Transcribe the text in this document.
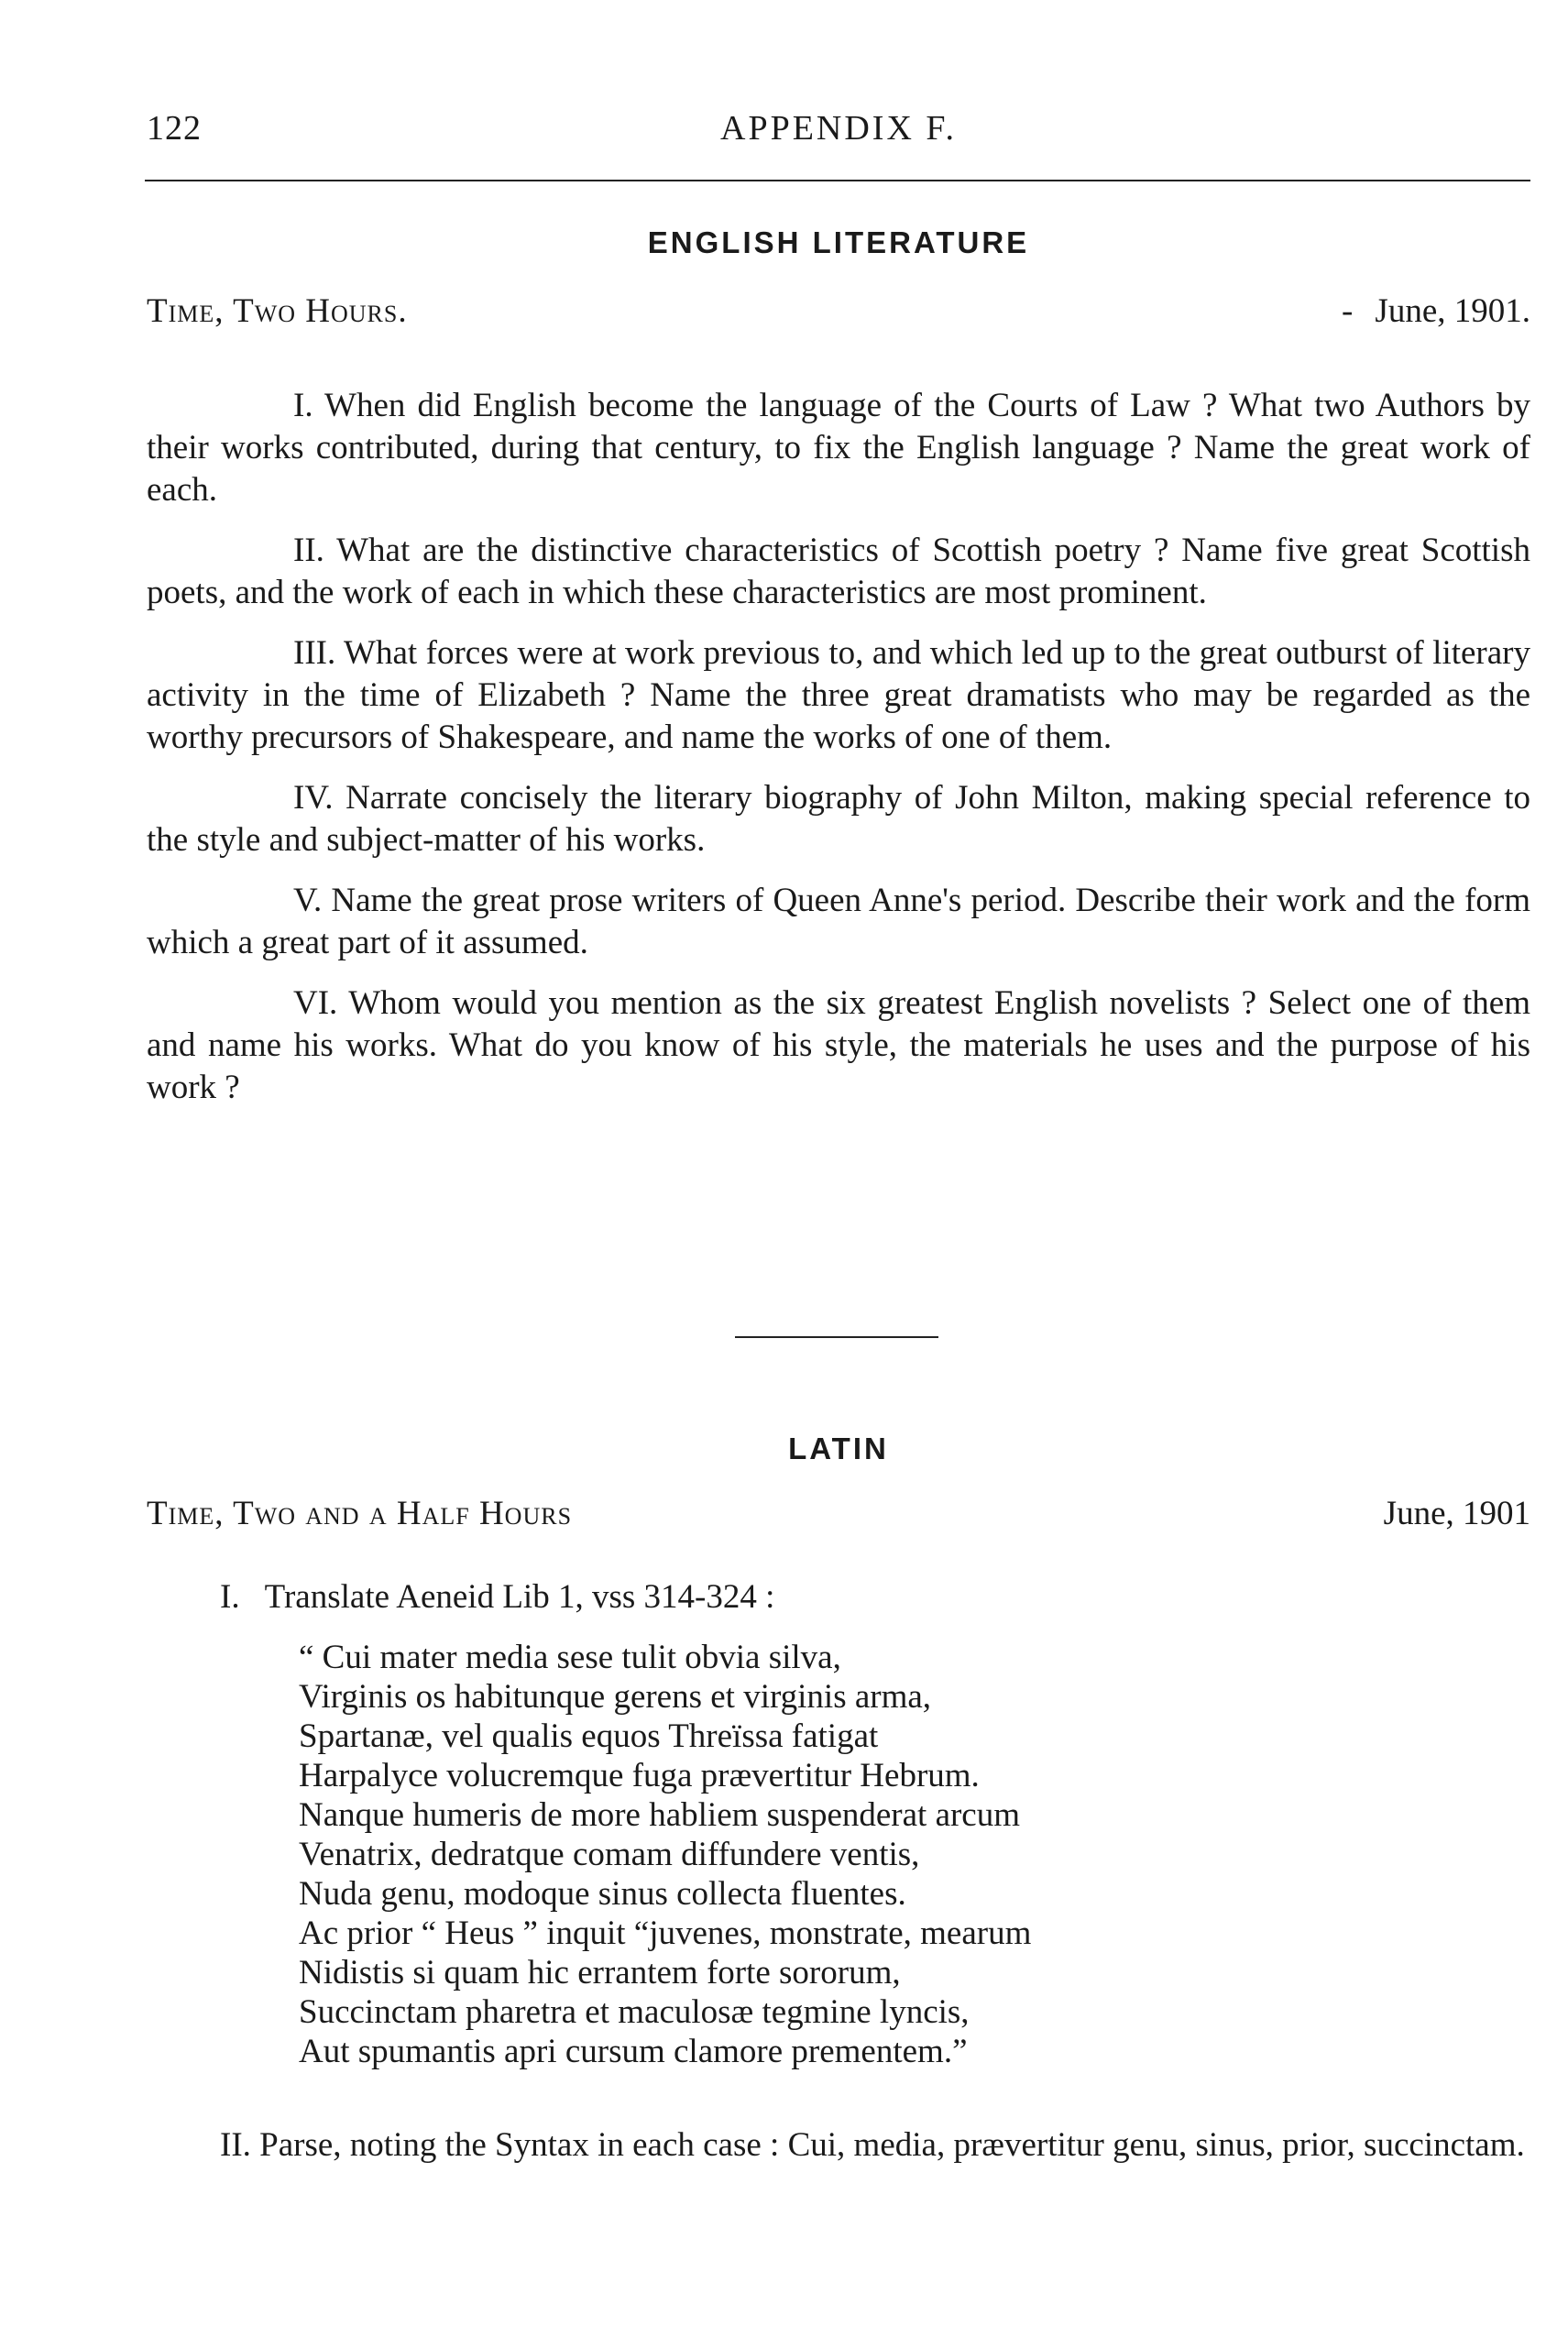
122	APPENDIX F.
ENGLISH LITERATURE
Time, Two Hours.	- June, 1901.

I. When did English become the language of the Courts of Law ? What two Authors by their works contributed, during that century, to fix the English language ? Name the great work of each.

II. What are the distinctive characteristics of Scottish poetry ? Name five great Scottish poets, and the work of each in which these characteristics are most prominent.

III. What forces were at work previous to, and which led up to the great outburst of literary activity in the time of Elizabeth ? Name the three great dramatists who may be regarded as the worthy precursors of Shakespeare, and name the works of one of them.

IV. Narrate concisely the literary biography of John Milton, making special reference to the style and subject-matter of his works.

V. Name the great prose writers of Queen Anne's period. Describe their work and the form which a great part of it assumed.

VI. Whom would you mention as the six greatest English novelists ? Select one of them and name his works. What do you know of his style, the materials he uses and the purpose of his work ?

LATIN
Time, Two and a Half Hours	June, 1901
I. Translate Aeneid Lib 1, vss 314-324 :
“ Cui mater media sese tulit obvia silva,
Virginis os habitunque gerens et virginis arma,
Spartanæ, vel qualis equos Threïssa fatigat
Harpalyce volucremque fuga prævertitur Hebrum.
Nanque humeris de more habliem suspenderat arcum
Venatrix, dedratque comam diffundere ventis,
Nuda genu, modoque sinus collecta fluentes.
Ac prior “ Heus ” inquit “juvenes, monstrate, mearum
Nidistis si quam hic errantem forte sororum,
Succinctam pharetra et maculosæ tegmine lyncis,
Aut spumantis apri cursum clamore prementem.”
II. Parse, noting the Syntax in each case : Cui, media, prævertitur genu, sinus, prior, succinctam.
